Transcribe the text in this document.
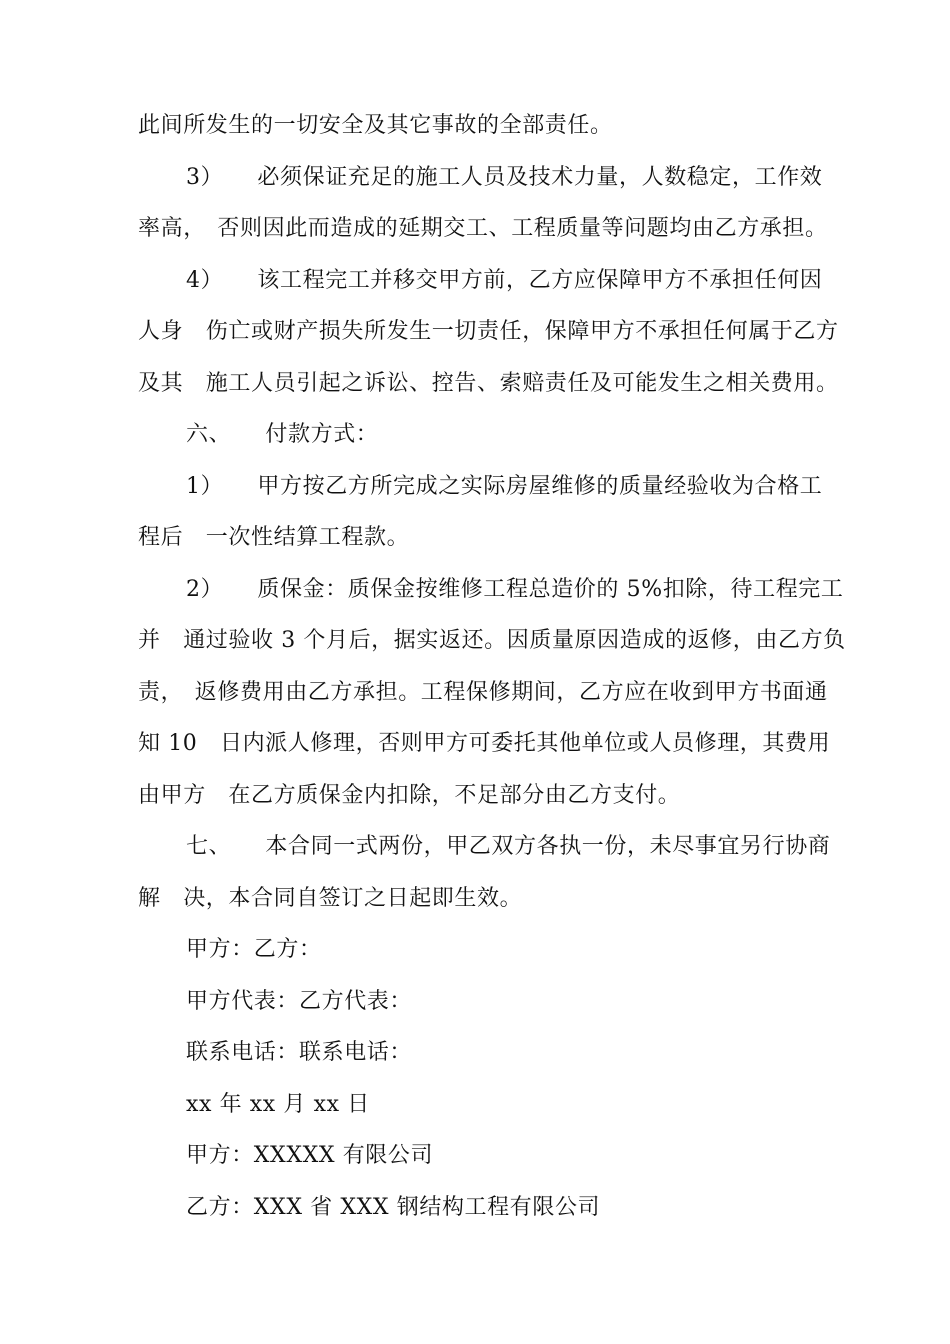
此间所发生的一切安全及其它事故的全部责任。
3）　　必须保证充足的施工人员及技术力量，人数稳定，工作效
率高，　否则因此而造成的延期交工、工程质量等问题均由乙方承担。
4）　　该工程完工并移交甲方前，乙方应保障甲方不承担任何因
人身　伤亡或财产损失所发生一切责任，保障甲方不承担任何属于乙方
及其　施工人员引起之诉讼、控告、索赔责任及可能发生之相关费用。
六、　　付款方式：
1）　　甲方按乙方所完成之实际房屋维修的质量经验收为合格工
程后　一次性结算工程款。
2）　　质保金：质保金按维修工程总造价的 5%扣除，待工程完工
并　通过验收 3 个月后，据实返还。因质量原因造成的返修，由乙方负
责，　返修费用由乙方承担。工程保修期间，乙方应在收到甲方书面通
知 10　日内派人修理，否则甲方可委托其他单位或人员修理，其费用
由甲方　在乙方质保金内扣除，不足部分由乙方支付。
七、　　本合同一式两份，甲乙双方各执一份，未尽事宜另行协商
解　决，本合同自签订之日起即生效。
甲方：乙方：
甲方代表：乙方代表：
联系电话：联系电话：
xx 年 xx 月 xx 日
甲方：XXXXX 有限公司
乙方：XXX 省 XXX 钢结构工程有限公司
